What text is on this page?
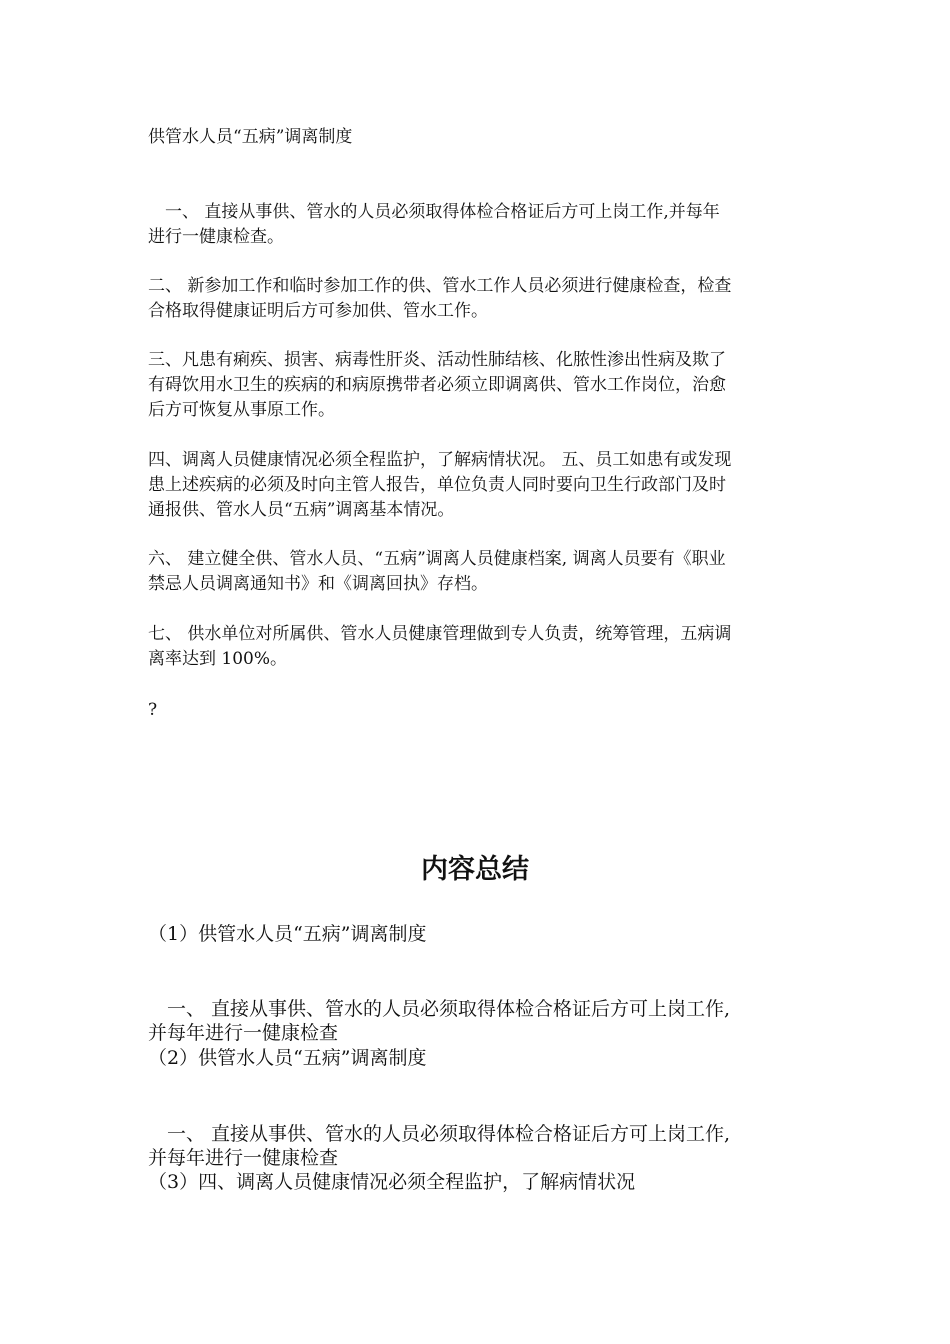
供管水人员“五病”调离制度

　一、 直接从事供、管水的人员必须取得体检合格证后方可上岗工作,并每年

进行一健康检查。

二、 新参加工作和临时参加工作的供、管水工作人员必须进行健康检查，检查

合格取得健康证明后方可参加供、管水工作。

三、凡患有痢疾、损害、病毒性肝炎、活动性肺结核、化脓性渗出性病及欺了

有碍饮用水卫生的疾病的和病原携带者必须立即调离供、管水工作岗位，治愈

后方可恢复从事原工作。

四、调离人员健康情况必须全程监护，了解病情状况。 五、员工如患有或发现

患上述疾病的必须及时向主管人报告，单位负责人同时要向卫生行政部门及时

通报供、管水人员“五病”调离基本情况。

六、 建立健全供、管水人员、“五病”调离人员健康档案, 调离人员要有《职业

禁忌人员调离通知书》和《调离回执》存档。

七、 供水单位对所属供、管水人员健康管理做到专人负责，统筹管理，五病调

离率达到 100%。

?

内容总结

（1）供管水人员“五病”调离制度

　一、 直接从事供、管水的人员必须取得体检合格证后方可上岗工作,

并每年进行一健康检查

（2）供管水人员“五病”调离制度

　一、 直接从事供、管水的人员必须取得体检合格证后方可上岗工作,

并每年进行一健康检查

（3）四、调离人员健康情况必须全程监护，了解病情状况
